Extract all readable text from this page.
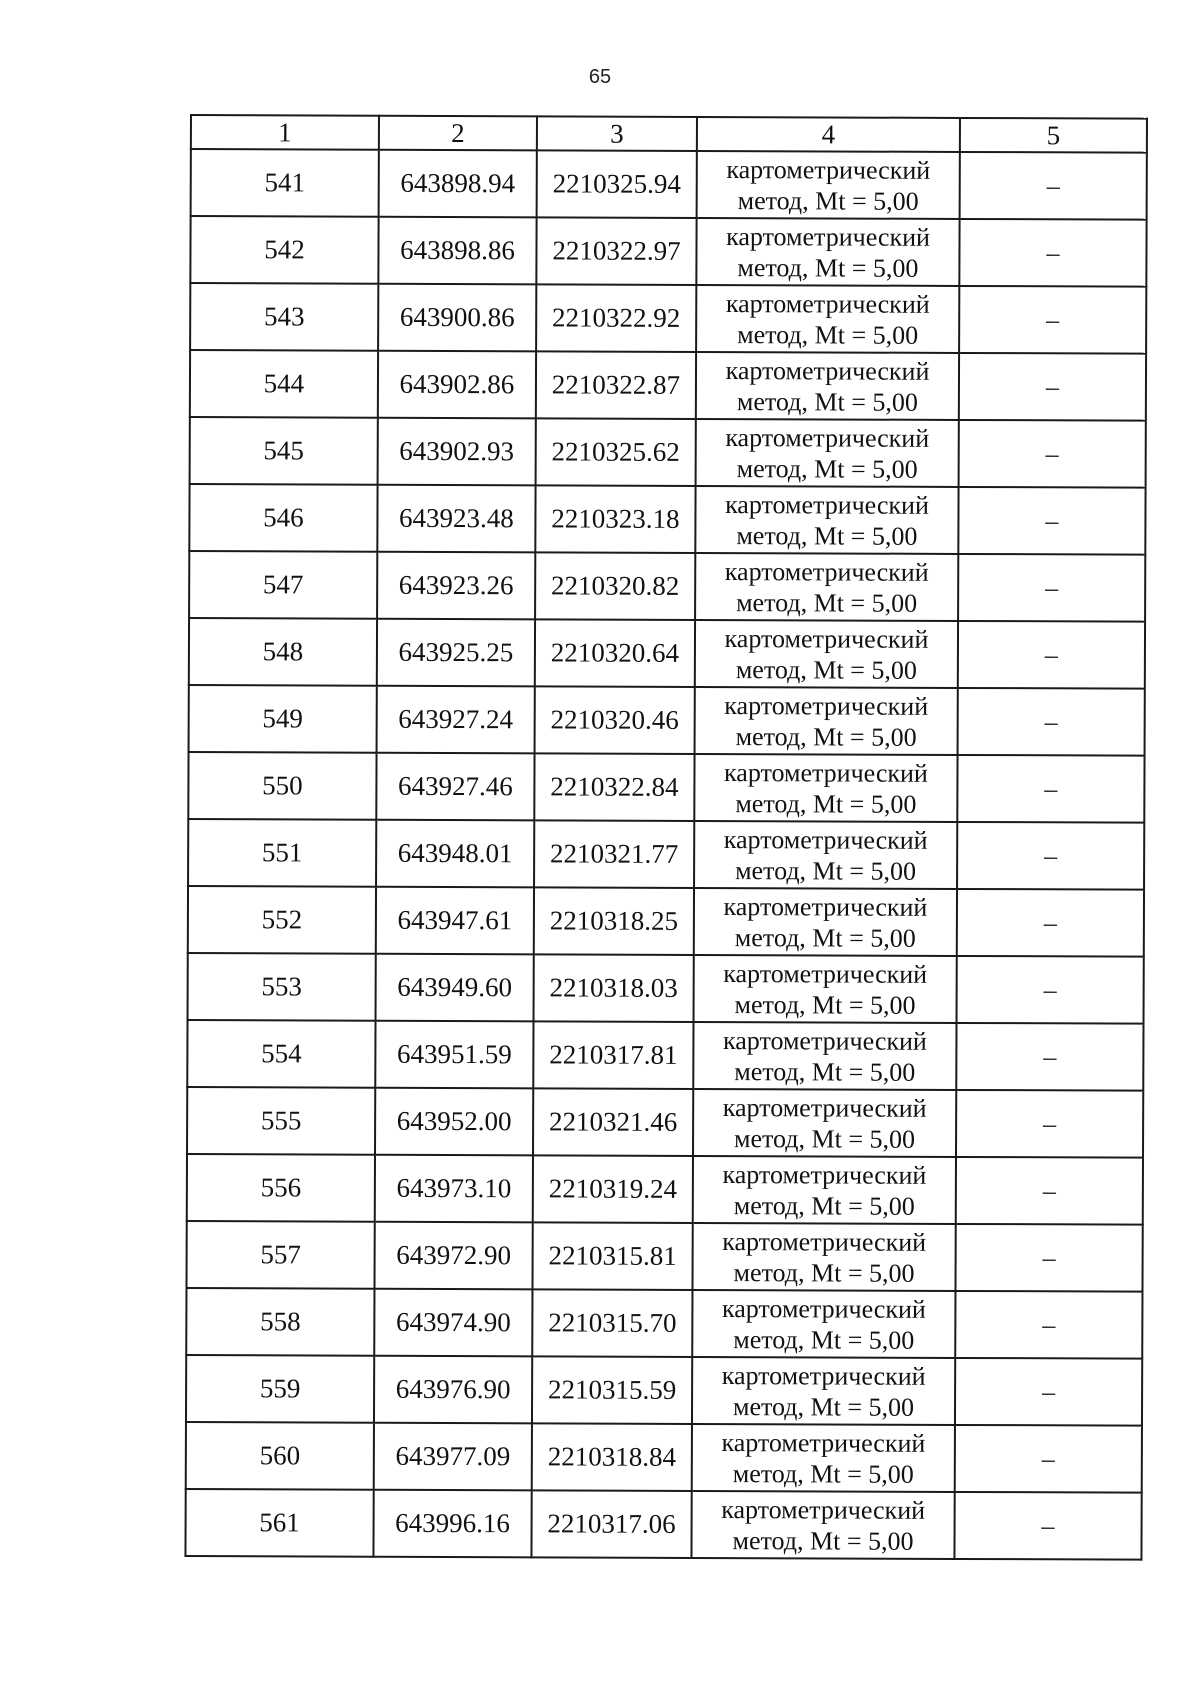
65
1	2	3	4	5
541	643898.94	2210325.94	картометрический
метод, Mt = 5,00	–
542	643898.86	2210322.97	картометрический
метод, Mt = 5,00	–
543	643900.86	2210322.92	картометрический
метод, Mt = 5,00	–
544	643902.86	2210322.87	картометрический
метод, Mt = 5,00	–
545	643902.93	2210325.62	картометрический
метод, Mt = 5,00	–
546	643923.48	2210323.18	картометрический
метод, Mt = 5,00	–
547	643923.26	2210320.82	картометрический
метод, Mt = 5,00	–
548	643925.25	2210320.64	картометрический
метод, Mt = 5,00	–
549	643927.24	2210320.46	картометрический
метод, Mt = 5,00	–
550	643927.46	2210322.84	картометрический
метод, Mt = 5,00	–
551	643948.01	2210321.77	картометрический
метод, Mt = 5,00	–
552	643947.61	2210318.25	картометрический
метод, Mt = 5,00	–
553	643949.60	2210318.03	картометрический
метод, Mt = 5,00	–
554	643951.59	2210317.81	картометрический
метод, Mt = 5,00	–
555	643952.00	2210321.46	картометрический
метод, Mt = 5,00	–
556	643973.10	2210319.24	картометрический
метод, Mt = 5,00	–
557	643972.90	2210315.81	картометрический
метод, Mt = 5,00	–
558	643974.90	2210315.70	картометрический
метод, Mt = 5,00	–
559	643976.90	2210315.59	картометрический
метод, Mt = 5,00	–
560	643977.09	2210318.84	картометрический
метод, Mt = 5,00	–
561	643996.16	2210317.06	картометрический
метод, Mt = 5,00	–
